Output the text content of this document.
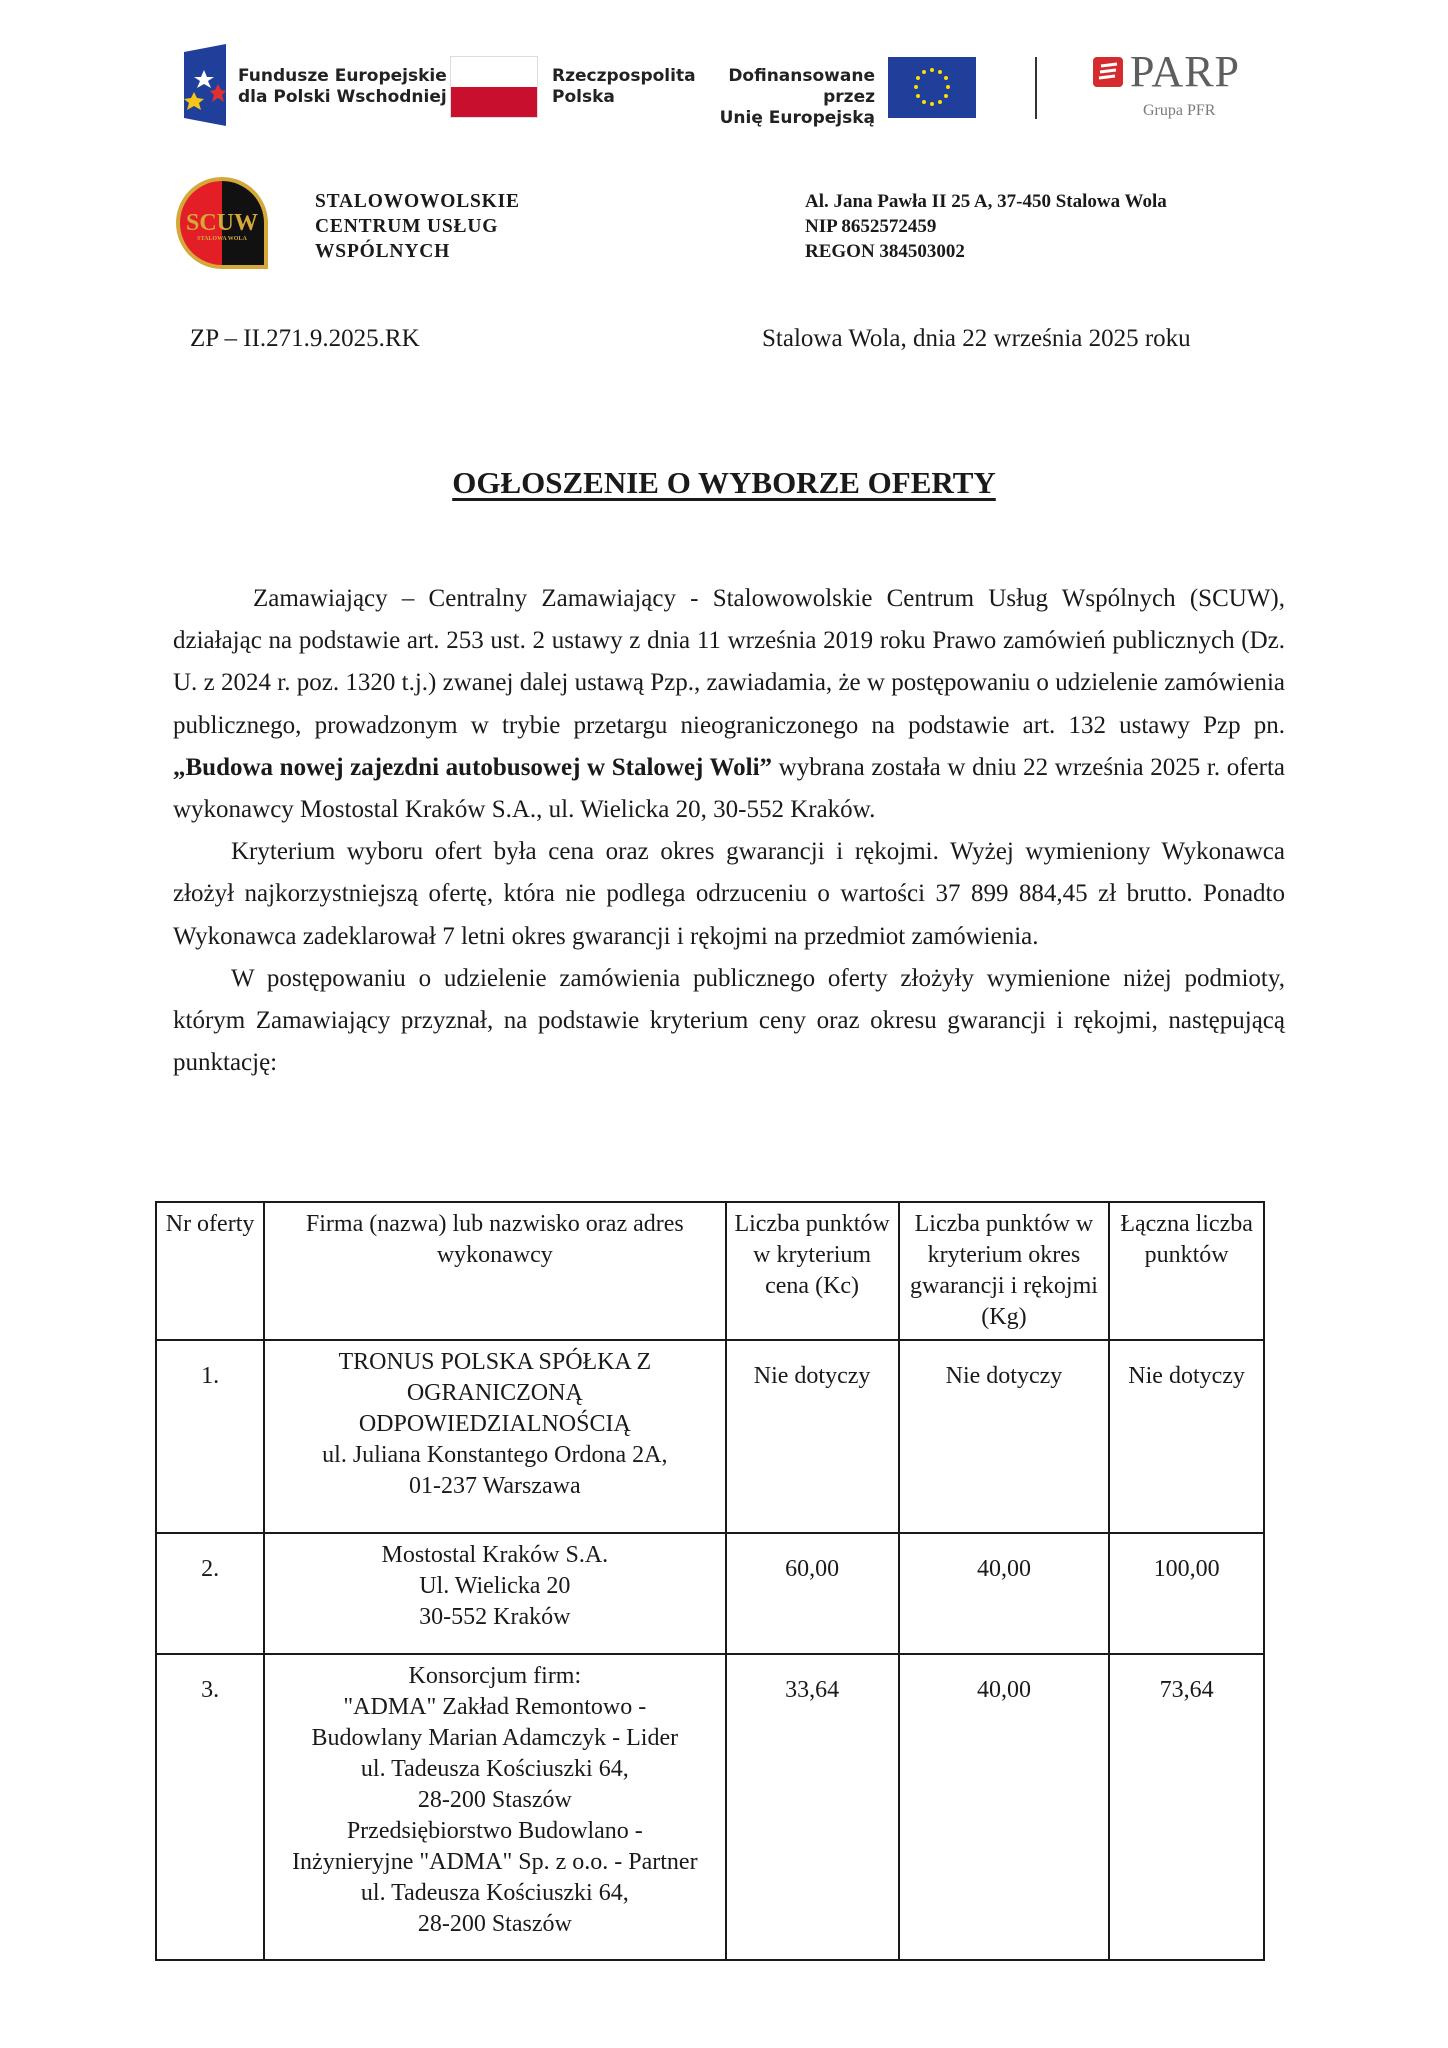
Fundusze Europejskie
dla Polski Wschodniej
Rzeczpospolita
Polska
Dofinansowane przez
Unię Europejską
PARP
Grupa PFR
SCUW
STALOWA WOLA
STALOWOWOLSKIE
CENTRUM USŁUG
WSPÓLNYCH
Al. Jana Pawła II 25 A, 37-450 Stalowa Wola
NIP 8652572459
REGON 384503002
ZP – II.271.9.2025.RK	Stalowa Wola, dnia 22 września 2025 roku
OGŁOSZENIE O WYBORZE OFERTY

Zamawiający – Centralny Zamawiający - Stalowowolskie Centrum Usług Wspólnych (SCUW), działając na podstawie art. 253 ust. 2 ustawy z dnia 11 września 2019 roku Prawo zamówień publicznych (Dz. U. z 2024 r. poz. 1320 t.j.) zwanej dalej ustawą Pzp., zawiadamia, że w postępowaniu o udzielenie zamówienia publicznego, prowadzonym w trybie przetargu nieograniczonego na podstawie art. 132 ustawy Pzp pn. „Budowa nowej zajezdni autobusowej w Stalowej Woli” wybrana została w dniu 22 września 2025 r. oferta wykonawcy Mostostal Kraków S.A., ul. Wielicka 20, 30-552 Kraków.

Kryterium wyboru ofert była cena oraz okres gwarancji i rękojmi. Wyżej wymieniony Wykonawca złożył najkorzystniejszą ofertę, która nie podlega odrzuceniu o wartości 37 899 884,45 zł brutto. Ponadto Wykonawca zadeklarował 7 letni okres gwarancji i rękojmi na przedmiot zamówienia.

W postępowaniu o udzielenie zamówienia publicznego oferty złożyły wymienione niżej podmioty, którym Zamawiający przyznał, na podstawie kryterium ceny oraz okresu gwarancji i rękojmi, następującą punktację:

Nr oferty	Firma (nazwa) lub nazwisko oraz adres wykonawcy	Liczba punktów w kryterium cena (Kc)	Liczba punktów w kryterium okres gwarancji i rękojmi (Kg)	Łączna liczba punktów
1.	TRONUS POLSKA SPÓŁKA Z
OGRANICZONĄ
ODPOWIEDZIALNOŚCIĄ
ul. Juliana Konstantego Ordona 2A,
01-237 Warszawa	Nie dotyczy	Nie dotyczy	Nie dotyczy
2.	Mostostal Kraków S.A.
Ul. Wielicka 20
30-552 Kraków	60,00	40,00	100,00
3.	
Konsorcjum firm:
"ADMA" Zakład Remontowo -
Budowlany Marian Adamczyk - Lider
ul. Tadeusza Kościuszki 64,
28-200 Staszów
Przedsiębiorstwo Budowlano -
Inżynieryjne "ADMA" Sp. z o.o. - Partner
ul. Tadeusza Kościuszki 64,
28-200 Staszów
	33,64	40,00	73,64
